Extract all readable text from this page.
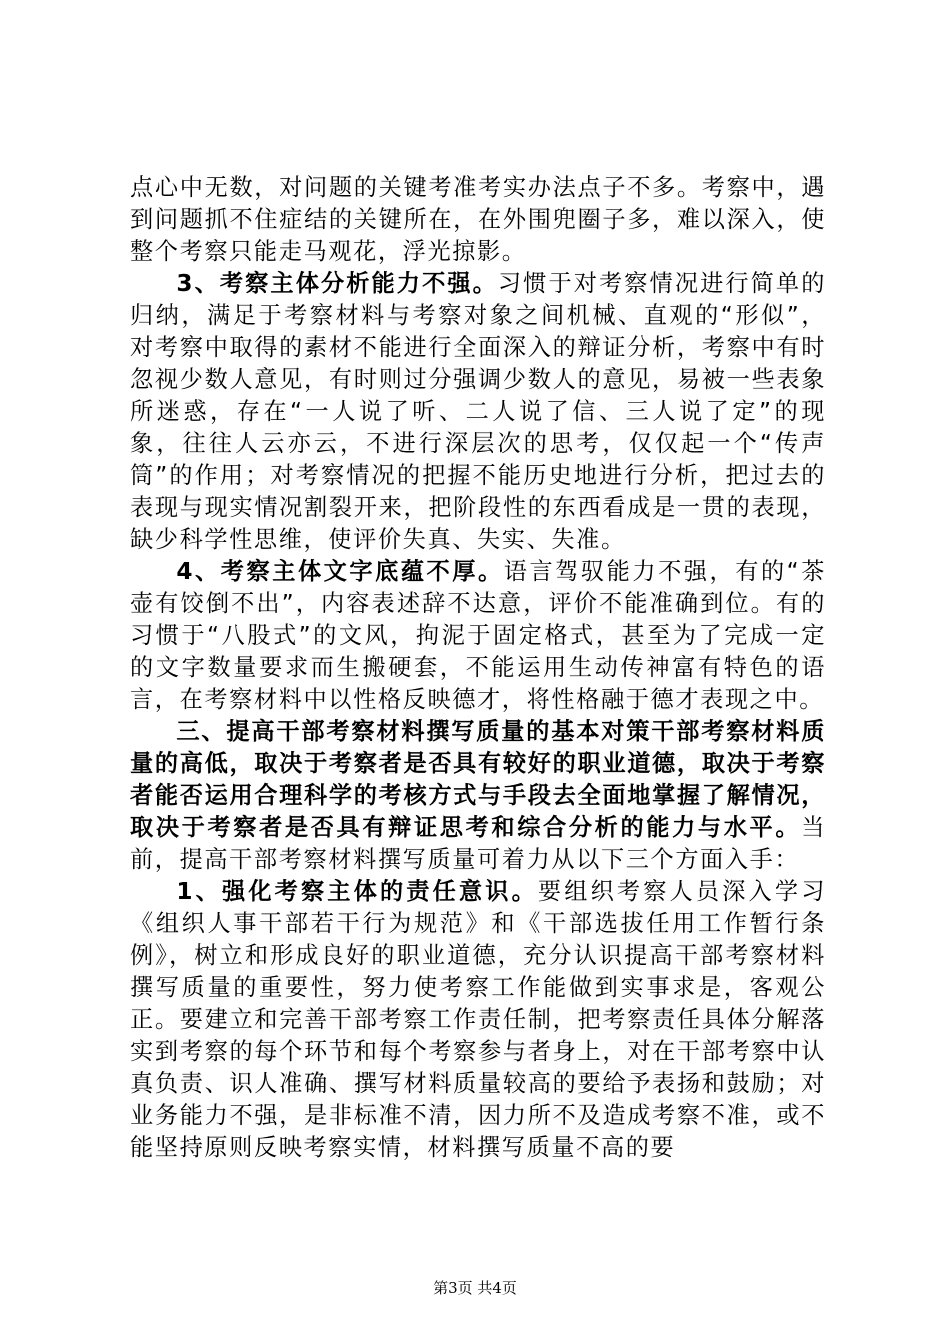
点心中无数，对问题的关键考准考实办法点子不多。考察中，遇到问题抓不住症结的关键所在，在外围兜圈子多，难以深入，使整个考察只能走马观花，浮光掠影。

3、考察主体分析能力不强。习惯于对考察情况进行简单的归纳，满足于考察材料与考察对象之间机械、直观的“形似”，对考察中取得的素材不能进行全面深入的辩证分析，考察中有时忽视少数人意见，有时则过分强调少数人的意见，易被一些表象所迷惑，存在“一人说了听、二人说了信、三人说了定”的现象，往往人云亦云，不进行深层次的思考，仅仅起一个“传声筒”的作用；对考察情况的把握不能历史地进行分析，把过去的表现与现实情况割裂开来，把阶段性的东西看成是一贯的表现，缺少科学性思维，使评价失真、失实、失准。

4、考察主体文字底蕴不厚。语言驾驭能力不强，有的“茶壶有饺倒不出”，内容表述辞不达意，评价不能准确到位。有的习惯于“八股式”的文风，拘泥于固定格式，甚至为了完成一定的文字数量要求而生搬硬套，不能运用生动传神富有特色的语言，在考察材料中以性格反映德才，将性格融于德才表现之中。

三、提高干部考察材料撰写质量的基本对策干部考察材料质量的高低，取决于考察者是否具有较好的职业道德，取决于考察者能否运用合理科学的考核方式与手段去全面地掌握了解情况，取决于考察者是否具有辩证思考和综合分析的能力与水平。当前，提高干部考察材料撰写质量可着力从以下三个方面入手：

1、强化考察主体的责任意识。要组织考察人员深入学习《组织人事干部若干行为规范》和《干部选拔任用工作暂行条例》，树立和形成良好的职业道德，充分认识提高干部考察材料撰写质量的重要性，努力使考察工作能做到实事求是，客观公正。要建立和完善干部考察工作责任制，把考察责任具体分解落实到考察的每个环节和每个考察参与者身上，对在干部考察中认真负责、识人准确、撰写材料质量较高的要给予表扬和鼓励；对业务能力不强，是非标准不清，因力所不及造成考察不准，或不能坚持原则反映考察实情，材料撰写质量不高的要

第3页 共4页
